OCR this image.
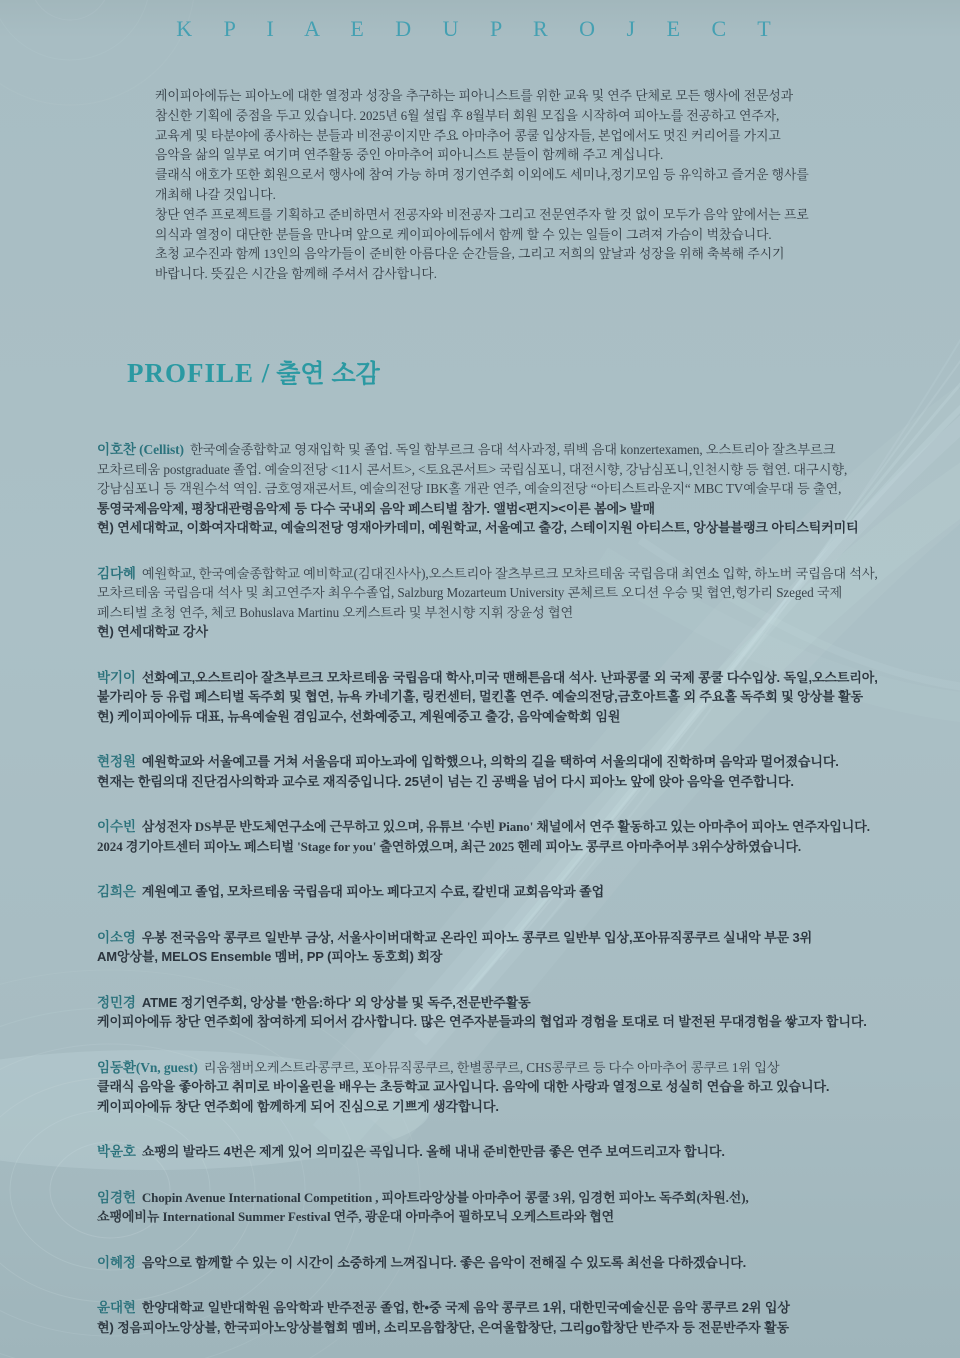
K P I A E D U P R O J E C T
케이피아에듀는 피아노에 대한 열정과 성장을 추구하는 피아니스트를 위한 교육 및 연주 단체로 모든 행사에 전문성과
참신한 기획에 중점을 두고 있습니다. 2025년 6월 설립 후 8월부터 회원 모집을 시작하여 피아노를 전공하고 연주자,
교육계 및 타분야에 종사하는 분들과 비전공이지만 주요 아마추어 콩쿨 입상자들, 본업에서도 멋진 커리어를 가지고
음악을 삶의 일부로 여기며 연주활동 중인 아마추어 피아니스트 분들이 함께해 주고 계십니다.
클래식 애호가 또한 회원으로서 행사에 참여 가능 하며 정기연주회 이외에도 세미나,정기모임 등 유익하고 즐거운 행사를
개최해 나갈 것입니다.
창단 연주 프로젝트를 기획하고 준비하면서 전공자와 비전공자 그리고 전문연주자 할 것 없이 모두가 음악 앞에서는 프로
의식과 열정이 대단한 분들을 만나며 앞으로 케이피아에듀에서 함께 할 수 있는 일들이 그려져 가슴이 벅찼습니다.
초청 교수진과 함께 13인의 음악가들이 준비한 아름다운 순간들을, 그리고 저희의 앞날과 성장을 위해 축복해 주시기
바랍니다. 뜻깊은 시간을 함께해 주셔서 감사합니다.
PROFILE / 출연 소감
이호찬 (Cellist) 한국예술종합학교 영재입학 및 졸업. 독일 함부르크 음대 석사과정, 뤼벡 음대 konzertexamen, 오스트리아 잘츠부르크
모차르테움 postgraduate 졸업. 예술의전당 <11시 콘서트>, <토요콘서트> 국립심포니, 대전시향, 강남심포니,인천시향 등 협연. 대구시향,
강남심포니 등 객원수석 역임. 금호영재콘서트, 예술의전당 IBK홀 개관 연주, 예술의전당 “아티스트라운지“ MBC TV예술무대 등 출연,
통영국제음악제, 평창대관령음악제 등 다수 국내외 음악 페스티벌 참가. 앨범<편지><이른 봄에> 발매
현) 연세대학교, 이화여자대학교, 예술의전당 영재아카데미, 예원학교, 서울예고 출강, 스테이지원 아티스트, 앙상블블랭크 아티스틱커미티
김다혜 예원학교, 한국예술종합학교 예비학교(김대진사사),오스트리아 잘츠부르크 모차르테움 국립음대 최연소 입학, 하노버 국립음대 석사,
모차르테움 국립음대 석사 및 최고연주자 최우수졸업, Salzburg Mozarteum University 콘체르트 오디션 우승 및 협연,헝가리 Szeged 국제
페스티벌 초청 연주, 체코 Bohuslava Martinu 오케스트라 및 부천시향 지휘 장윤성 협연
현) 연세대학교 강사
박기이 선화예고,오스트리아 잘츠부르크 모차르테움 국립음대 학사,미국 맨해튼음대 석사. 난파콩쿨 외 국제 콩쿨 다수입상. 독일,오스트리아,
불가리아 등 유럽 페스티벌 독주회 및 협연, 뉴욕 카네기홀, 링컨센터, 멀킨홀 연주. 예술의전당,금호아트홀 외 주요홀 독주회 및 앙상블 활동
현) 케이피아에듀 대표, 뉴욕예술원 겸임교수, 선화예중고, 계원예중고 출강, 음악예술학회 임원
현정원 예원학교와 서울예고를 거쳐 서울음대 피아노과에 입학했으나, 의학의 길을 택하여 서울의대에 진학하며 음악과 멀어졌습니다.
현재는 한림의대 진단검사의학과 교수로 재직중입니다. 25년이 넘는 긴 공백을 넘어 다시 피아노 앞에 앉아 음악을 연주합니다.
이수빈 삼성전자 DS부문 반도체연구소에 근무하고 있으며, 유튜브 '수빈 Piano' 채널에서 연주 활동하고 있는 아마추어 피아노 연주자입니다.
2024 경기아트센터 피아노 페스티벌 'Stage for you' 출연하였으며, 최근 2025 헨레 피아노 콩쿠르 아마추어부 3위수상하였습니다.
김희은 계원예고 졸업, 모차르테움 국립음대 피아노 페다고지 수료, 칼빈대 교회음악과 졸업
이소영 우봉 전국음악 콩쿠르 일반부 금상, 서울사이버대학교 온라인 피아노 콩쿠르 일반부 입상,포아뮤직콩쿠르 실내악 부문 3위
AM앙상블, MELOS Ensemble 멤버, PP (피아노 동호회) 회장
정민경 ATME 정기연주회, 앙상블 '한음:하다' 외 앙상블 및 독주,전문반주활동
케이피아에듀 창단 연주회에 참여하게 되어서 감사합니다. 많은 연주자분들과의 협업과 경험을 토대로 더 발전된 무대경험을 쌓고자 합니다.
임동환(Vn, guest) 리움챔버오케스트라콩쿠르, 포아뮤직콩쿠르, 한별콩쿠르, CHS콩쿠르 등 다수 아마추어 콩쿠르 1위 입상
클래식 음악을 좋아하고 취미로 바이올린을 배우는 초등학교 교사입니다. 음악에 대한 사랑과 열정으로 성실히 연습을 하고 있습니다.
케이피아에듀 창단 연주회에 함께하게 되어 진심으로 기쁘게 생각합니다.
박윤호 쇼팽의 발라드 4번은 제게 있어 의미깊은 곡입니다. 올해 내내 준비한만큼 좋은 연주 보여드리고자 합니다.
임경헌 Chopin Avenue International Competition , 피아트라앙상블 아마추어 콩쿨 3위, 임경헌 피아노 독주회(차원.선),
쇼팽에비뉴 International Summer Festival 연주, 광운대 아마추어 필하모닉 오케스트라와 협연
이혜정 음악으로 함께할 수 있는 이 시간이 소중하게 느껴집니다. 좋은 음악이 전해질 수 있도록 최선을 다하겠습니다.
윤대현 한양대학교 일반대학원 음악학과 반주전공 졸업, 한•중 국제 음악 콩쿠르 1위, 대한민국예술신문 음악 콩쿠르 2위 입상
현) 정음피아노앙상블, 한국피아노앙상블협회 멤버, 소리모음합창단, 은여울합창단, 그리go합창단 반주자 등 전문반주자 활동
